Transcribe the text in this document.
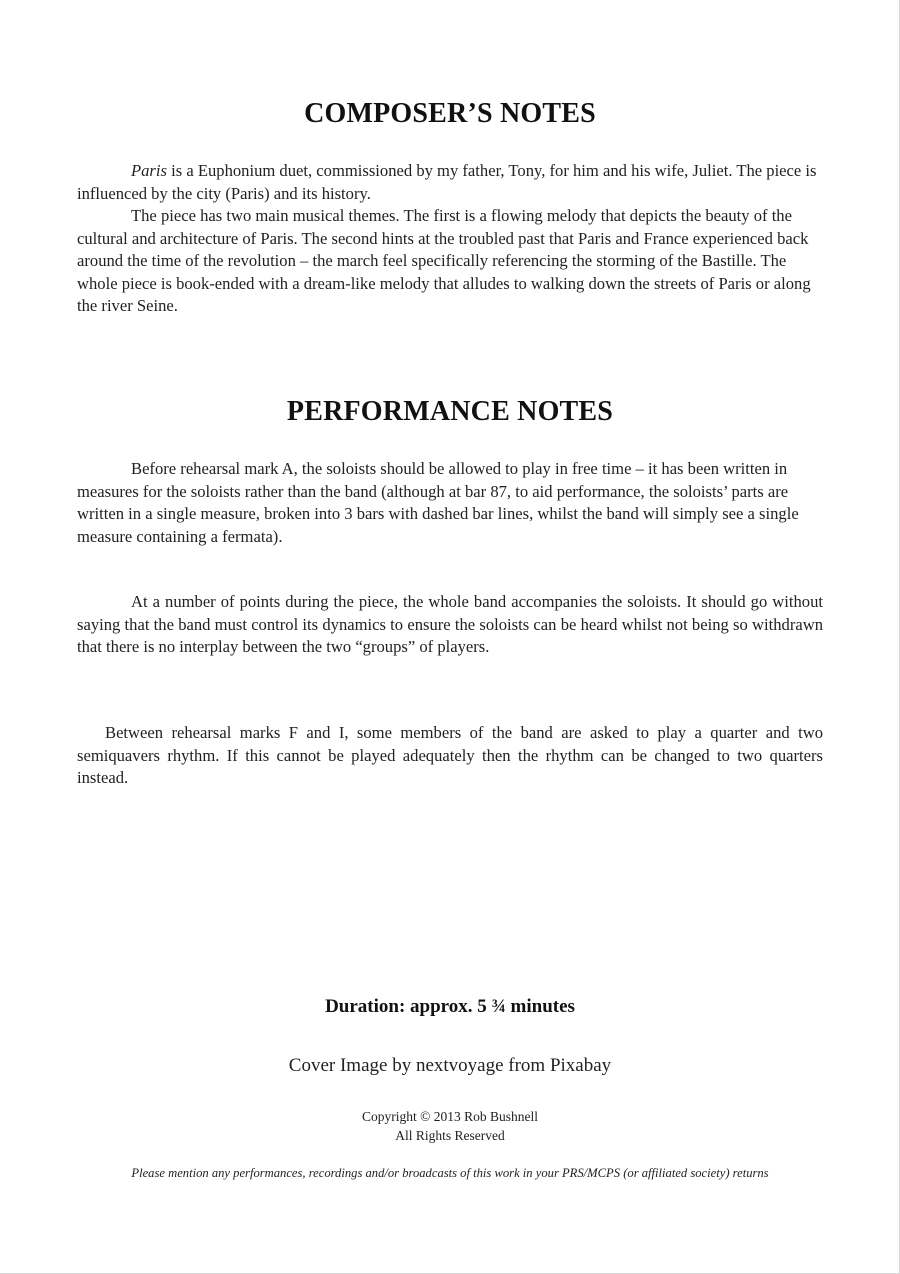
COMPOSER’S NOTES

Paris is a Euphonium duet, commissioned by my father, Tony, for him and his wife, Juliet. The piece is influenced by the city (Paris) and its history.

The piece has two main musical themes. The first is a flowing melody that depicts the beauty of the cultural and architecture of Paris. The second hints at the troubled past that Paris and France experienced back around the time of the revolution – the march feel specifically referencing the storming of the Bastille. The whole piece is book-ended with a dream-like melody that alludes to walking down the streets of Paris or along the river Seine.

PERFORMANCE NOTES

Before rehearsal mark A, the soloists should be allowed to play in free time – it has been written in measures for the soloists rather than the band (although at bar 87, to aid performance, the soloists’ parts are written in a single measure, broken into 3 bars with dashed bar lines, whilst the band will simply see a single measure containing a fermata).

At a number of points during the piece, the whole band accompanies the soloists. It should go without saying that the band must control its dynamics to ensure the soloists can be heard whilst not being so withdrawn that there is no interplay between the two “groups” of players.

Between rehearsal marks F and I, some members of the band are asked to play a quarter and two semiquavers rhythm. If this cannot be played adequately then the rhythm can be changed to two quarters instead.

Duration: approx. 5 ¾ minutes
Cover Image by nextvoyage from Pixabay
Copyright © 2013 Rob Bushnell
All Rights Reserved
Please mention any performances, recordings and/or broadcasts of this work in your PRS/MCPS (or affiliated society) returns
